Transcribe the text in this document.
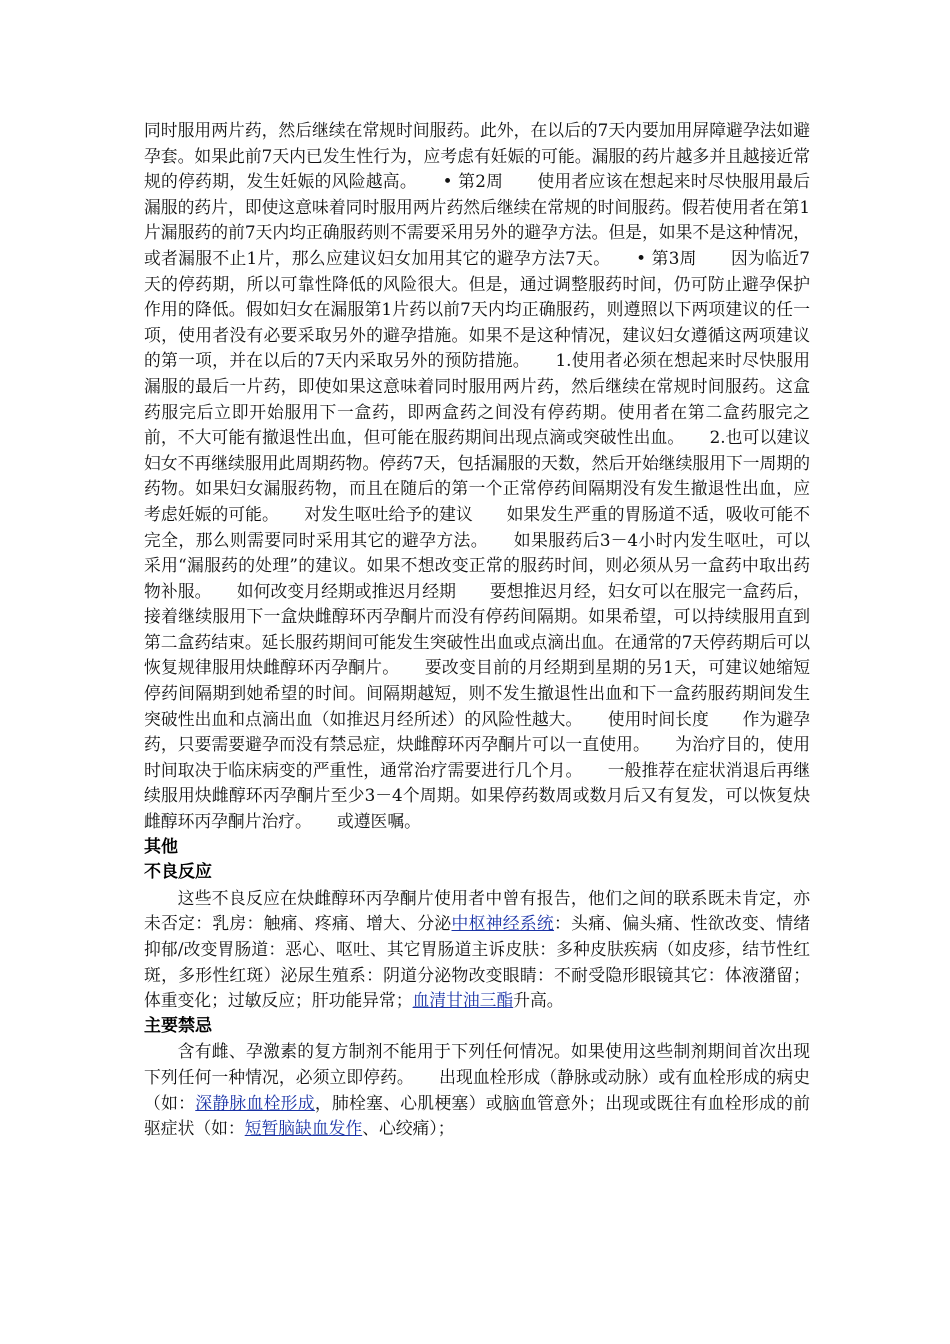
同时服用两片药，然后继续在常规时间服药。此外，在以后的7天内要加用屏障避孕法如避孕套。如果此前7天内已发生性行为，应考虑有妊娠的可能。漏服的药片越多并且越接近常规的停药期，发生妊娠的风险越高。　　• 第2周　　使用者应该在想起来时尽快服用最后漏服的药片，即使这意味着同时服用两片药然后继续在常规的时间服药。假若使用者在第1片漏服药的前7天内均正确服药则不需要采用另外的避孕方法。但是，如果不是这种情况，或者漏服不止1片，那么应建议妇女加用其它的避孕方法7天。　　• 第3周　　因为临近7天的停药期，所以可靠性降低的风险很大。但是，通过调整服药时间，仍可防止避孕保护作用的降低。假如妇女在漏服第1片药以前7天内均正确服药，则遵照以下两项建议的任一项，使用者没有必要采取另外的避孕措施。如果不是这种情况，建议妇女遵循这两项建议的第一项，并在以后的7天内采取另外的预防措施。　　1.使用者必须在想起来时尽快服用漏服的最后一片药，即使如果这意味着同时服用两片药，然后继续在常规时间服药。这盒药服完后立即开始服用下一盒药，即两盒药之间没有停药期。使用者在第二盒药服完之前，不大可能有撤退性出血，但可能在服药期间出现点滴或突破性出血。　　2.也可以建议妇女不再继续服用此周期药物。停药7天，包括漏服的天数，然后开始继续服用下一周期的药物。如果妇女漏服药物，而且在随后的第一个正常停药间隔期没有发生撤退性出血，应考虑妊娠的可能。　　对发生呕吐给予的建议　　如果发生严重的胃肠道不适，吸收可能不完全，那么则需要同时采用其它的避孕方法。　　如果服药后3－4小时内发生呕吐，可以采用“漏服药的处理”的建议。如果不想改变正常的服药时间，则必须从另一盒药中取出药物补服。　　如何改变月经期或推迟月经期　　要想推迟月经，妇女可以在服完一盒药后，接着继续服用下一盒炔雌醇环丙孕酮片而没有停药间隔期。如果希望，可以持续服用直到第二盒药结束。延长服药期间可能发生突破性出血或点滴出血。在通常的7天停药期后可以恢复规律服用炔雌醇环丙孕酮片。　　要改变目前的月经期到星期的另1天，可建议她缩短停药间隔期到她希望的时间。间隔期越短，则不发生撤退性出血和下一盒药服药期间发生突破性出血和点滴出血（如推迟月经所述）的风险性越大。　　使用时间长度　　作为避孕药，只要需要避孕而没有禁忌症，炔雌醇环丙孕酮片可以一直使用。　　为治疗目的，使用时间取决于临床病变的严重性，通常治疗需要进行几个月。　　一般推荐在症状消退后再继续服用炔雌醇环丙孕酮片至少3－4个周期。如果停药数周或数月后又有复发，可以恢复炔雌醇环丙孕酮片治疗。　　或遵医嘱。

其他
不良反应

这些不良反应在炔雌醇环丙孕酮片使用者中曾有报告，他们之间的联系既未肯定，亦未否定：乳房：触痛、疼痛、增大、分泌中枢神经系统：头痛、偏头痛、性欲改变、情绪抑郁/改变胃肠道：恶心、呕吐、其它胃肠道主诉皮肤：多种皮肤疾病（如皮疹，结节性红斑，多形性红斑）泌尿生殖系：阴道分泌物改变眼睛：不耐受隐形眼镜其它：体液潴留；体重变化；过敏反应；肝功能异常；血清甘油三酯升高。

主要禁忌

含有雌、孕激素的复方制剂不能用于下列任何情况。如果使用这些制剂期间首次出现下列任何一种情况，必须立即停药。　　出现血栓形成（静脉或动脉）或有血栓形成的病史（如：深静脉血栓形成，肺栓塞、心肌梗塞）或脑血管意外；出现或既往有血栓形成的前驱症状（如：短暂脑缺血发作、心绞痛）；
